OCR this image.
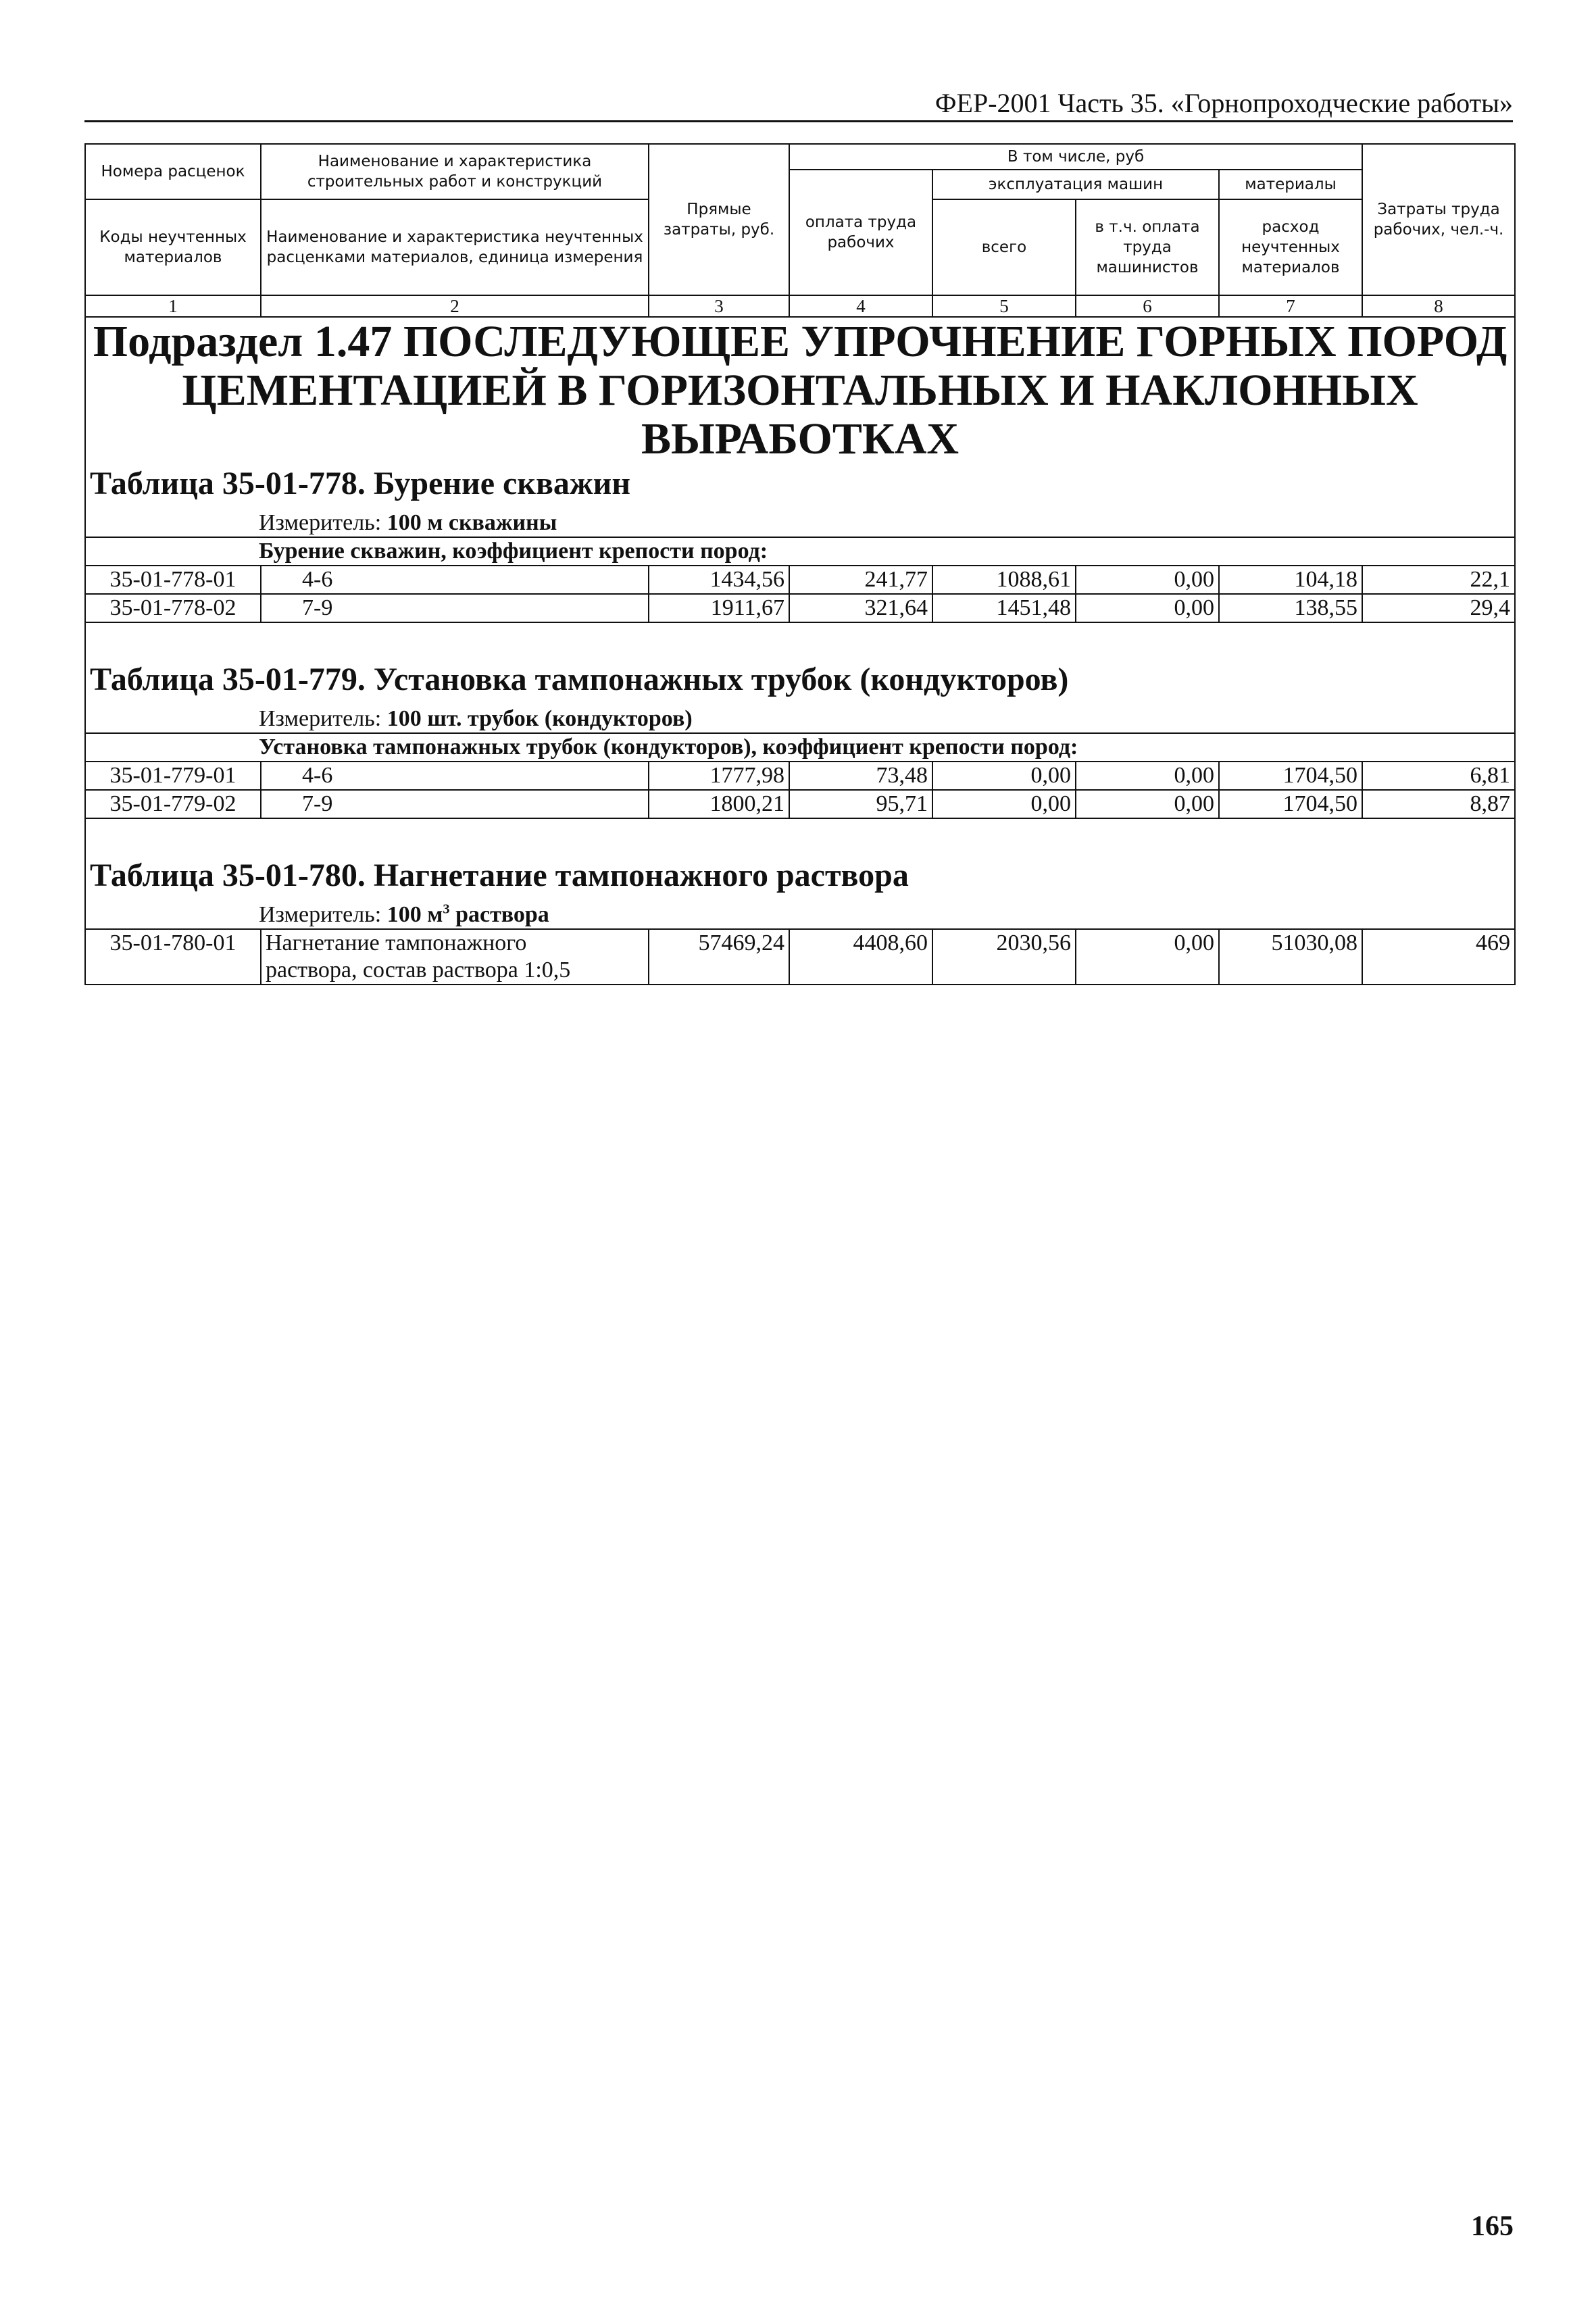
ФЕР-2001 Часть 35. «Горнопроходческие работы»
Номера расценок	Наименование и характеристика строительных работ и конструкций	Прямые затраты, руб.	В том числе, руб				Затраты труда рабочих, чел.-ч.
			оплата труда рабочих	эксплуатация машин		материалы	
Коды неучтенных материалов	Наименование и характеристика неучтенных расценками материалов, единица измерения			всего	в т.ч. оплата труда машинистов	расход неучтенных материалов	

1	2	3	4	5	6	7	8

Подраздел 1.47 ПОСЛЕДУЮЩЕЕ УПРОЧНЕНИЕ ГОРНЫХ ПОРОД
ЦЕМЕНТАЦИЕЙ В ГОРИЗОНТАЛЬНЫХ И НАКЛОННЫХ ВЫРАБОТКАХ							

Таблица 35-01-778. Бурение скважин							
Измеритель: 100 м скважины							
Бурение скважин, коэффициент крепости пород:							
35-01-778-01	4-6	1434,56	241,77	1088,61	0,00	104,18	22,1
35-01-778-02	7-9	1911,67	321,64	1451,48	0,00	138,55	29,4
Таблица 35-01-779. Установка тампонажных трубок (кондукторов)							
Измеритель: 100 шт. трубок (кондукторов)							
Установка тампонажных трубок (кондукторов), коэффициент крепости пород:							
35-01-779-01	4-6	1777,98	73,48	0,00	0,00	1704,50	6,81
35-01-779-02	7-9	1800,21	95,71	0,00	0,00	1704,50	8,87
Таблица 35-01-780. Нагнетание тампонажного раствора							
Измеритель: 100 $м^3$ раствора							
35-01-780-01	Нагнетание тампонажного
раствора, состав раствора 1:0,5	57469,24	4408,60	2030,56	0,00	51030,08	469
165
